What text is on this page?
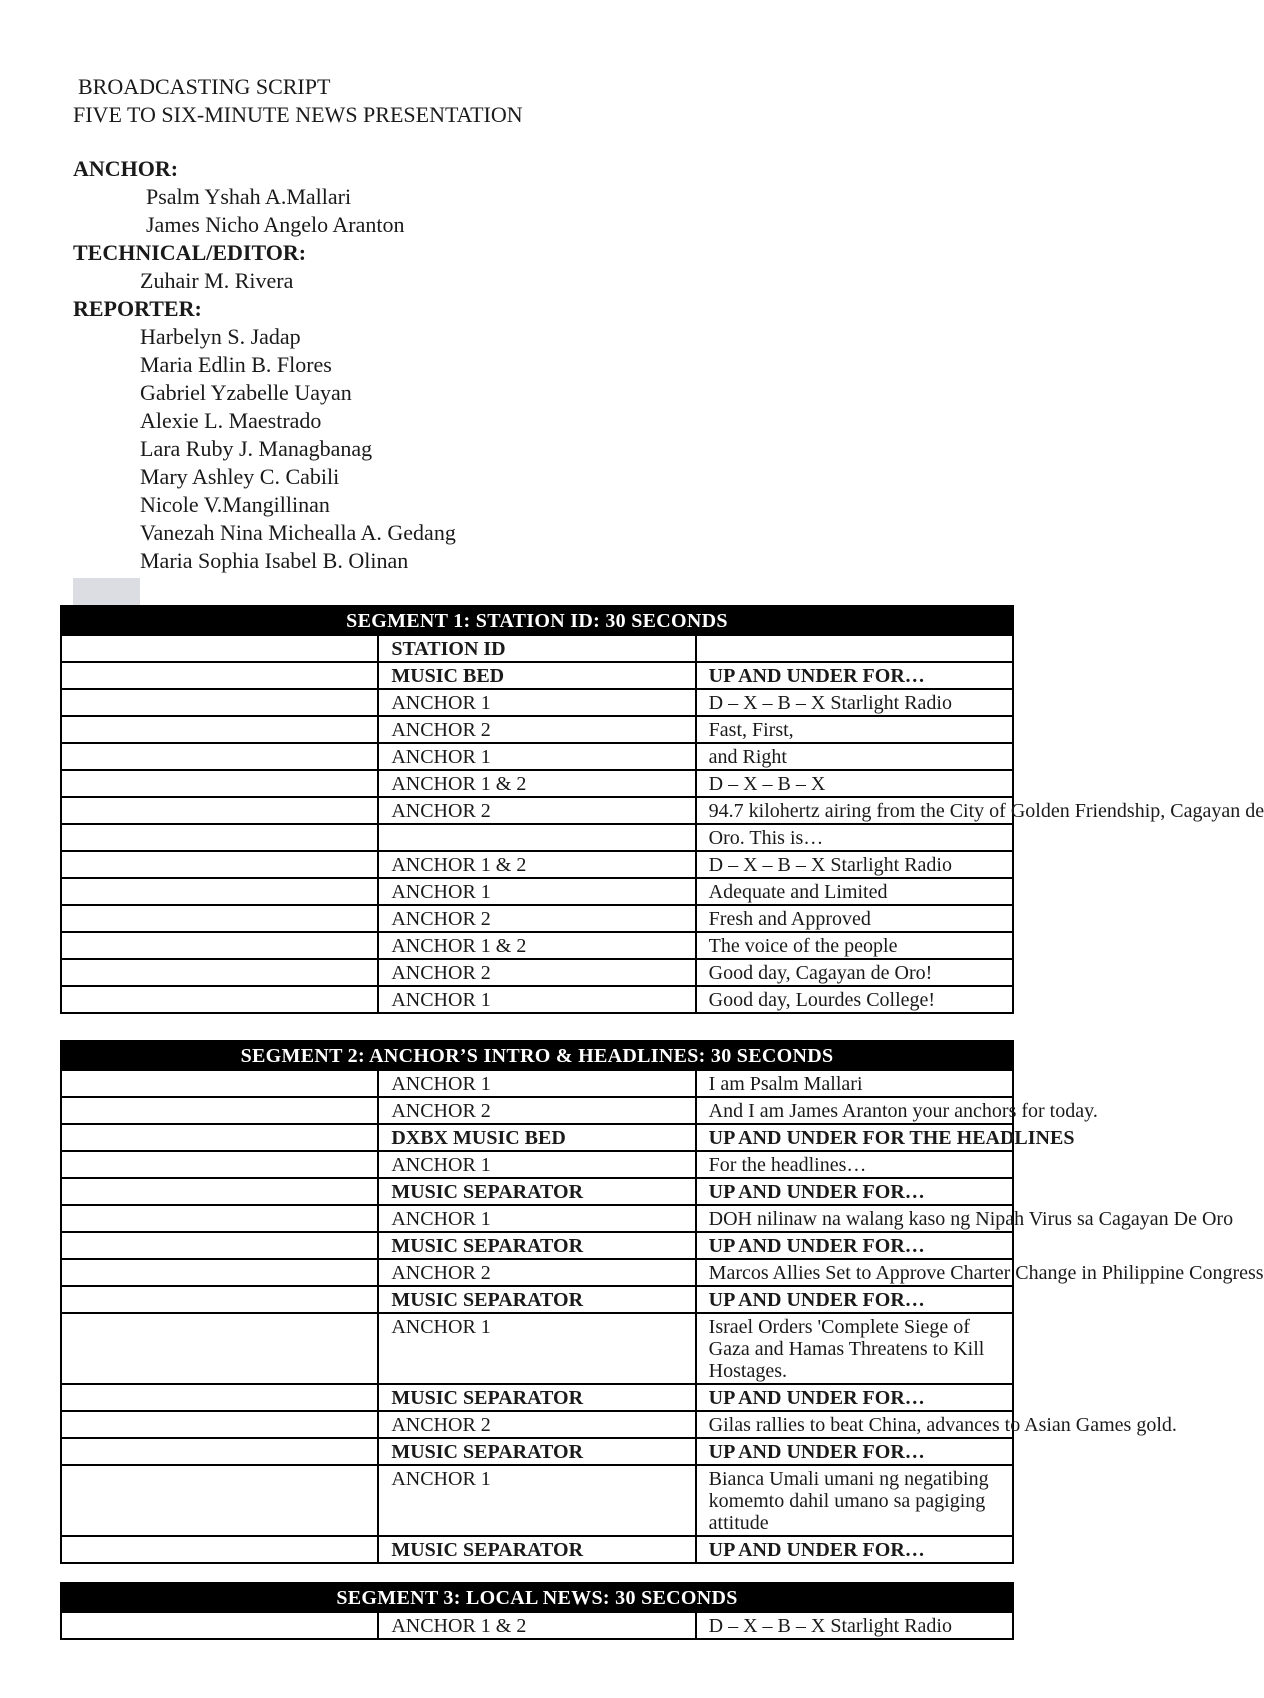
BROADCASTING SCRIPT
FIVE TO SIX-MINUTE NEWS PRESENTATION
ANCHOR:
Psalm Yshah A.Mallari
James Nicho Angelo Aranton
TECHNICAL/EDITOR:
Zuhair M. Rivera
REPORTER:
Harbelyn S. Jadap
Maria Edlin B. Flores
Gabriel Yzabelle Uayan
Alexie L. Maestrado
Lara Ruby J. Managbanag
Mary Ashley C. Cabili
Nicole V.Mangillinan
Vanezah Nina Michealla A. Gedang
Maria Sophia Isabel B. Olinan
SEGMENT 1: STATION ID: 30 SECONDS		
	STATION ID	
	MUSIC BED	UP AND UNDER FOR…
	ANCHOR 1	D – X – B – X Starlight Radio
	ANCHOR 2	Fast, First,
	ANCHOR 1	and Right
	ANCHOR 1 & 2	D – X – B – X
	ANCHOR 2	94.7 kilohertz airing from the City of Golden Friendship, Cagayan de
		Oro. This is…
	ANCHOR 1 & 2	D – X – B – X Starlight Radio
	ANCHOR 1	Adequate and Limited
	ANCHOR 2	Fresh and Approved
	ANCHOR 1 & 2	The voice of the people
	ANCHOR 2	Good day, Cagayan de Oro!
	ANCHOR 1	Good day, Lourdes College!
SEGMENT 2: ANCHOR’S INTRO & HEADLINES: 30 SECONDS		
	ANCHOR 1	I am Psalm Mallari
	ANCHOR 2	And I am James Aranton your anchors for today.
	DXBX MUSIC BED	UP AND UNDER FOR THE HEADLINES
	ANCHOR 1	For the headlines…
	MUSIC SEPARATOR	UP AND UNDER FOR…
	ANCHOR 1	DOH nilinaw na walang kaso ng Nipah Virus sa Cagayan De Oro
	MUSIC SEPARATOR	UP AND UNDER FOR…
	ANCHOR 2	Marcos Allies Set to Approve Charter Change in Philippine Congress
	MUSIC SEPARATOR	UP AND UNDER FOR…
	ANCHOR 1	Israel Orders 'Complete Siege of Gaza and Hamas Threatens to Kill Hostages.
	MUSIC SEPARATOR	UP AND UNDER FOR…
	ANCHOR 2	Gilas rallies to beat China, advances to Asian Games gold.
	MUSIC SEPARATOR	UP AND UNDER FOR…
	ANCHOR 1	Bianca Umali umani ng negatibing komemto dahil umano sa pagiging attitude
	MUSIC SEPARATOR	UP AND UNDER FOR…
SEGMENT 3: LOCAL NEWS: 30 SECONDS
	ANCHOR 1 & 2	D – X – B – X Starlight Radio
